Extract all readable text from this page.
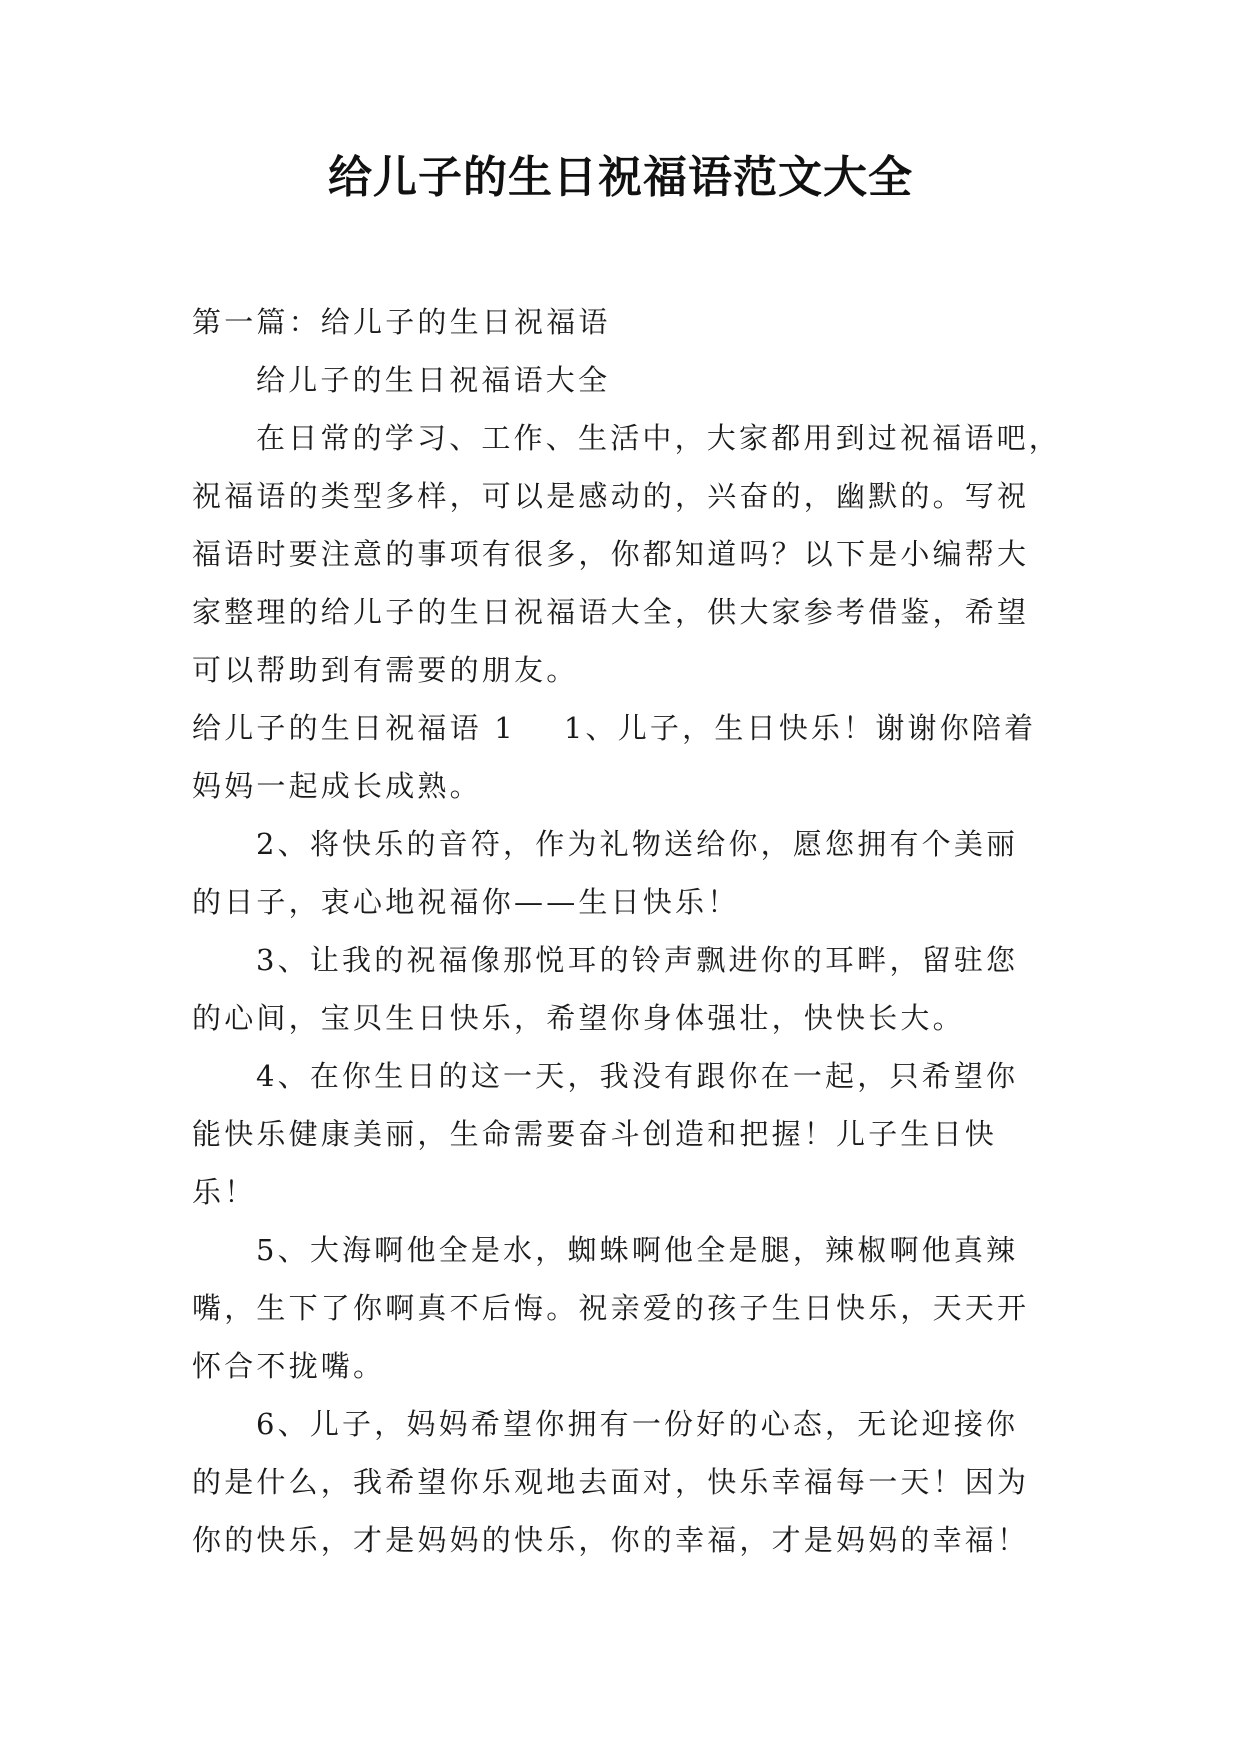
给儿子的生日祝福语范文大全
第一篇：给儿子的生日祝福语
给儿子的生日祝福语大全
在日常的学习、工作、生活中，大家都用到过祝福语吧，
祝福语的类型多样，可以是感动的，兴奋的，幽默的。写祝
福语时要注意的事项有很多，你都知道吗？以下是小编帮大
家整理的给儿子的生日祝福语大全，供大家参考借鉴，希望
可以帮助到有需要的朋友。
给儿子的生日祝福语 1 1、儿子，生日快乐！谢谢你陪着
妈妈一起成长成熟。
2、将快乐的音符，作为礼物送给你，愿您拥有个美丽
的日子，衷心地祝福你——生日快乐！
3、让我的祝福像那悦耳的铃声飘进你的耳畔，留驻您
的心间，宝贝生日快乐，希望你身体强壮，快快长大。
4、在你生日的这一天，我没有跟你在一起，只希望你
能快乐健康美丽，生命需要奋斗创造和把握！儿子生日快
乐！
5、大海啊他全是水，蜘蛛啊他全是腿，辣椒啊他真辣
嘴，生下了你啊真不后悔。祝亲爱的孩子生日快乐，天天开
怀合不拢嘴。
6、儿子，妈妈希望你拥有一份好的心态，无论迎接你
的是什么，我希望你乐观地去面对，快乐幸福每一天！因为
你的快乐，才是妈妈的快乐，你的幸福，才是妈妈的幸福！
